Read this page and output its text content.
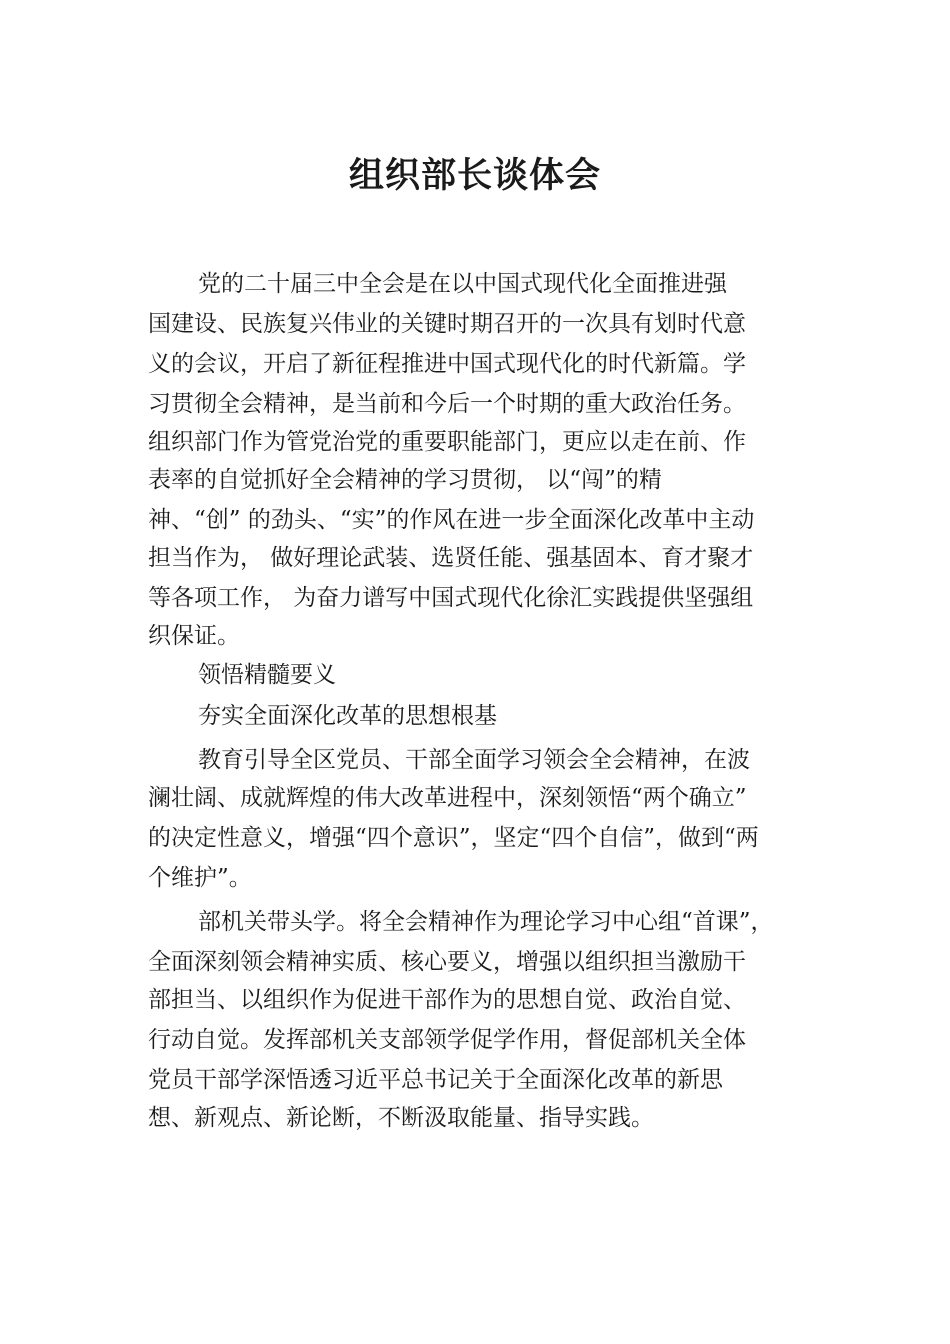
组织部长谈体会
党的二十届三中全会是在以中国式现代化全面推进强
国建设、民族复兴伟业的关键时期召开的一次具有划时代意
义的会议，开启了新征程推进中国式现代化的时代新篇。学
习贯彻全会精神，是当前和今后一个时期的重大政治任务。
组织部门作为管党治党的重要职能部门，更应以走在前、作
表率的自觉抓好全会精神的学习贯彻， 以“闯”的精
神、“创” 的劲头、“实”的作风在进一步全面深化改革中主动
担当作为， 做好理论武装、选贤任能、强基固本、育才聚才
等各项工作， 为奋力谱写中国式现代化徐汇实践提供坚强组
织保证。
领悟精髓要义
夯实全面深化改革的思想根基
教育引导全区党员、干部全面学习领会全会精神，在波
澜壮阔、成就辉煌的伟大改革进程中，深刻领悟“两个确立”
的决定性意义，增强“四个意识”，坚定“四个自信”，做到“两
个维护”。
部机关带头学。将全会精神作为理论学习中心组“首课”，
全面深刻领会精神实质、核心要义，增强以组织担当激励干
部担当、以组织作为促进干部作为的思想自觉、政治自觉、
行动自觉。发挥部机关支部领学促学作用，督促部机关全体
党员干部学深悟透习近平总书记关于全面深化改革的新思
想、新观点、新论断，不断汲取能量、指导实践。
